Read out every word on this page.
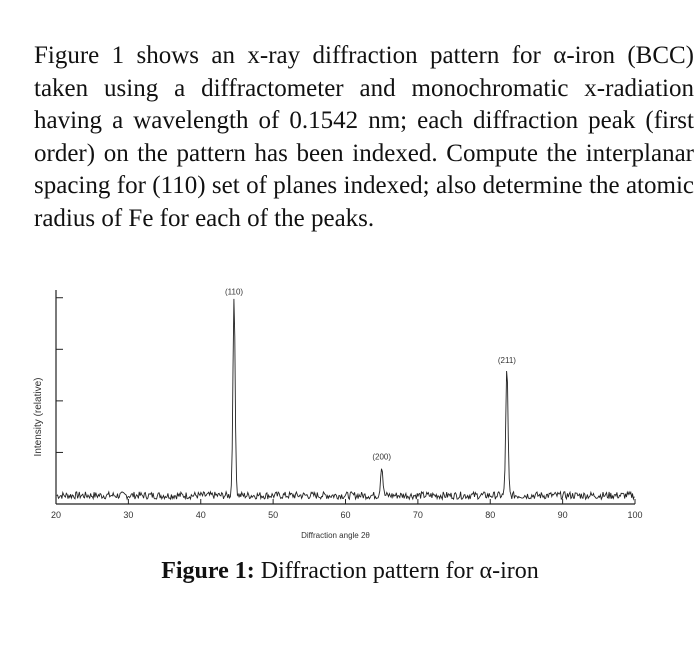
Figure 1 shows an x-ray diffraction pattern for α-iron (BCC) taken using a diffractometer and monochromatic x-radiation having a wavelength of 0.1542 nm; each diffraction peak (first order) on the pattern has been indexed. Compute the interplanar spacing for (110) set of planes indexed; also determine the atomic radius of Fe for each of the peaks.
20	30	40	50	60	70	80	90	100
Diffraction angle 2θ
Intensity (relative)
(110)
(200)
(211)
Figure 1: Diffraction pattern for α-iron
